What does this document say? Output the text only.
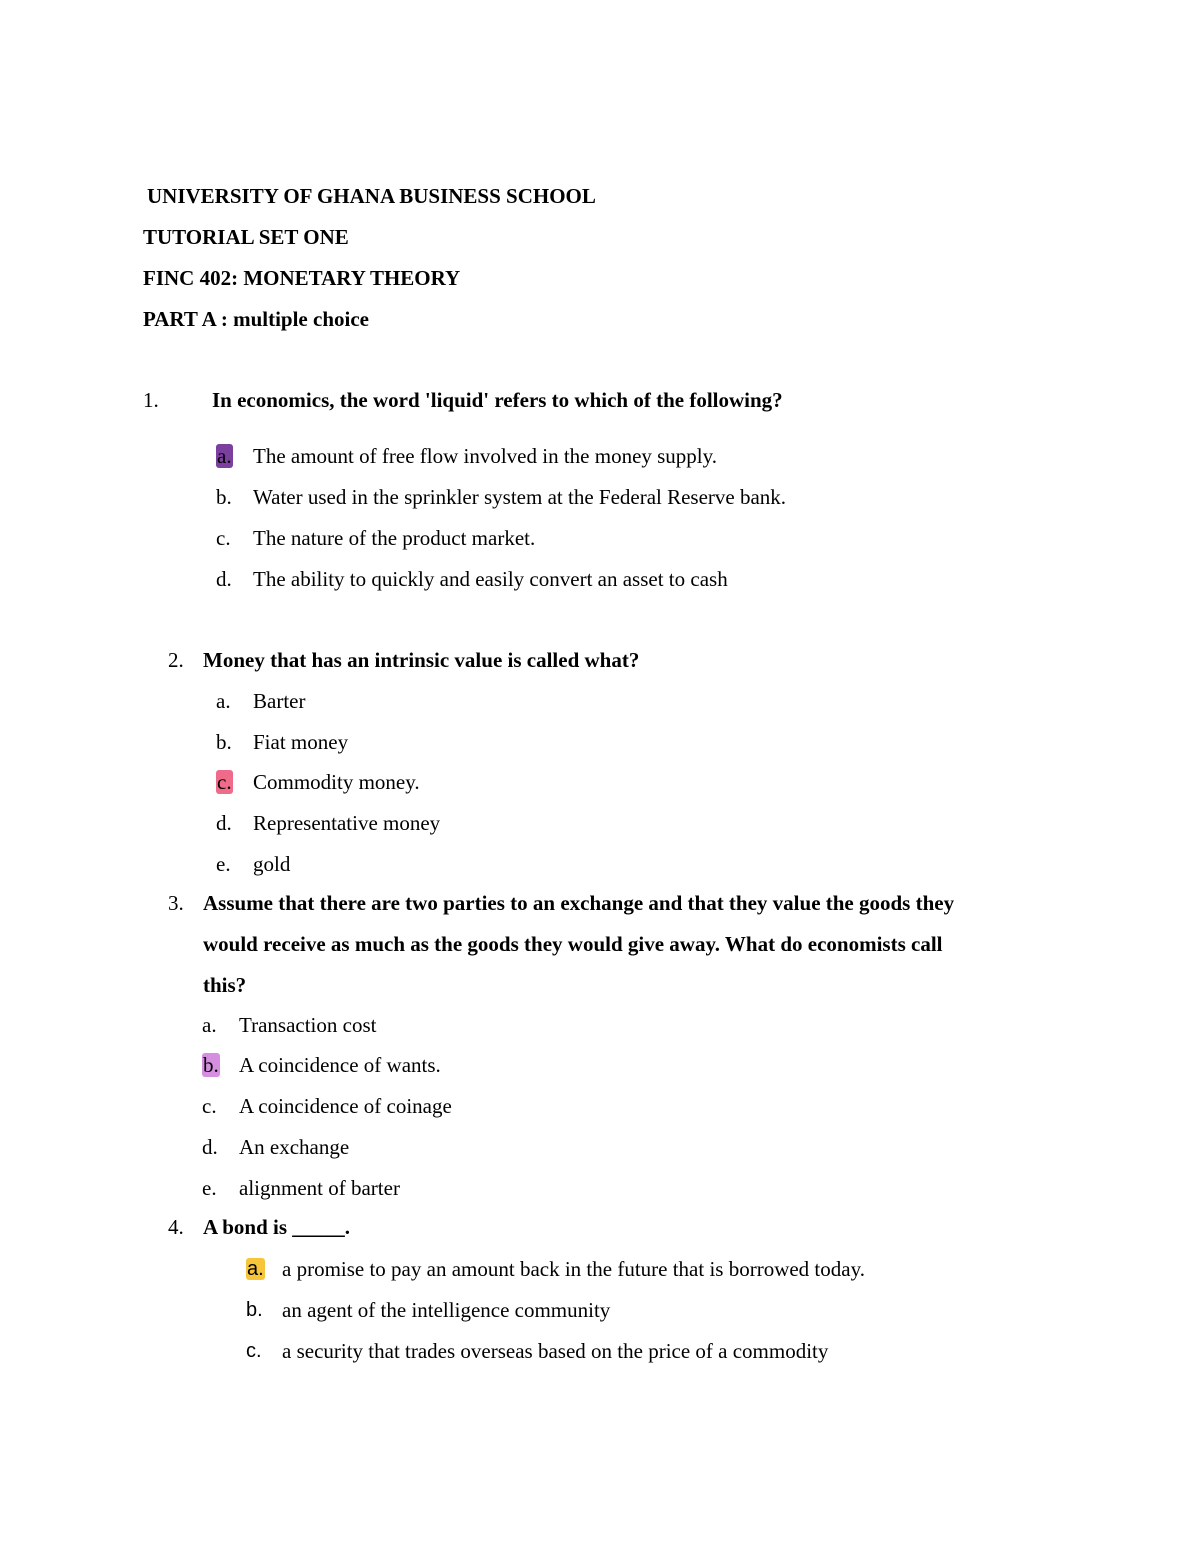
UNIVERSITY OF GHANA BUSINESS SCHOOL
TUTORIAL SET ONE
FINC 402: MONETARY THEORY
PART A : multiple choice
1.	In economics, the word 'liquid' refers to which of the following?
a. The amount of free flow involved in the money supply.
b. Water used in the sprinkler system at the Federal Reserve bank.
c. The nature of the product market.
d. The ability to quickly and easily convert an asset to cash
2. Money that has an intrinsic value is called what?
a. Barter
b. Fiat money
c. Commodity money.
d. Representative money
e. gold
3. Assume that there are two parties to an exchange and that they value the goods they
would receive as much as the goods they would give away. What do economists call
this?
a. Transaction cost
b. A coincidence of wants.
c. A coincidence of coinage
d. An exchange
e. alignment of barter
4. A bond is _____.
a. a promise to pay an amount back in the future that is borrowed today.
b. an agent of the intelligence community
c. a security that trades overseas based on the price of a commodity
